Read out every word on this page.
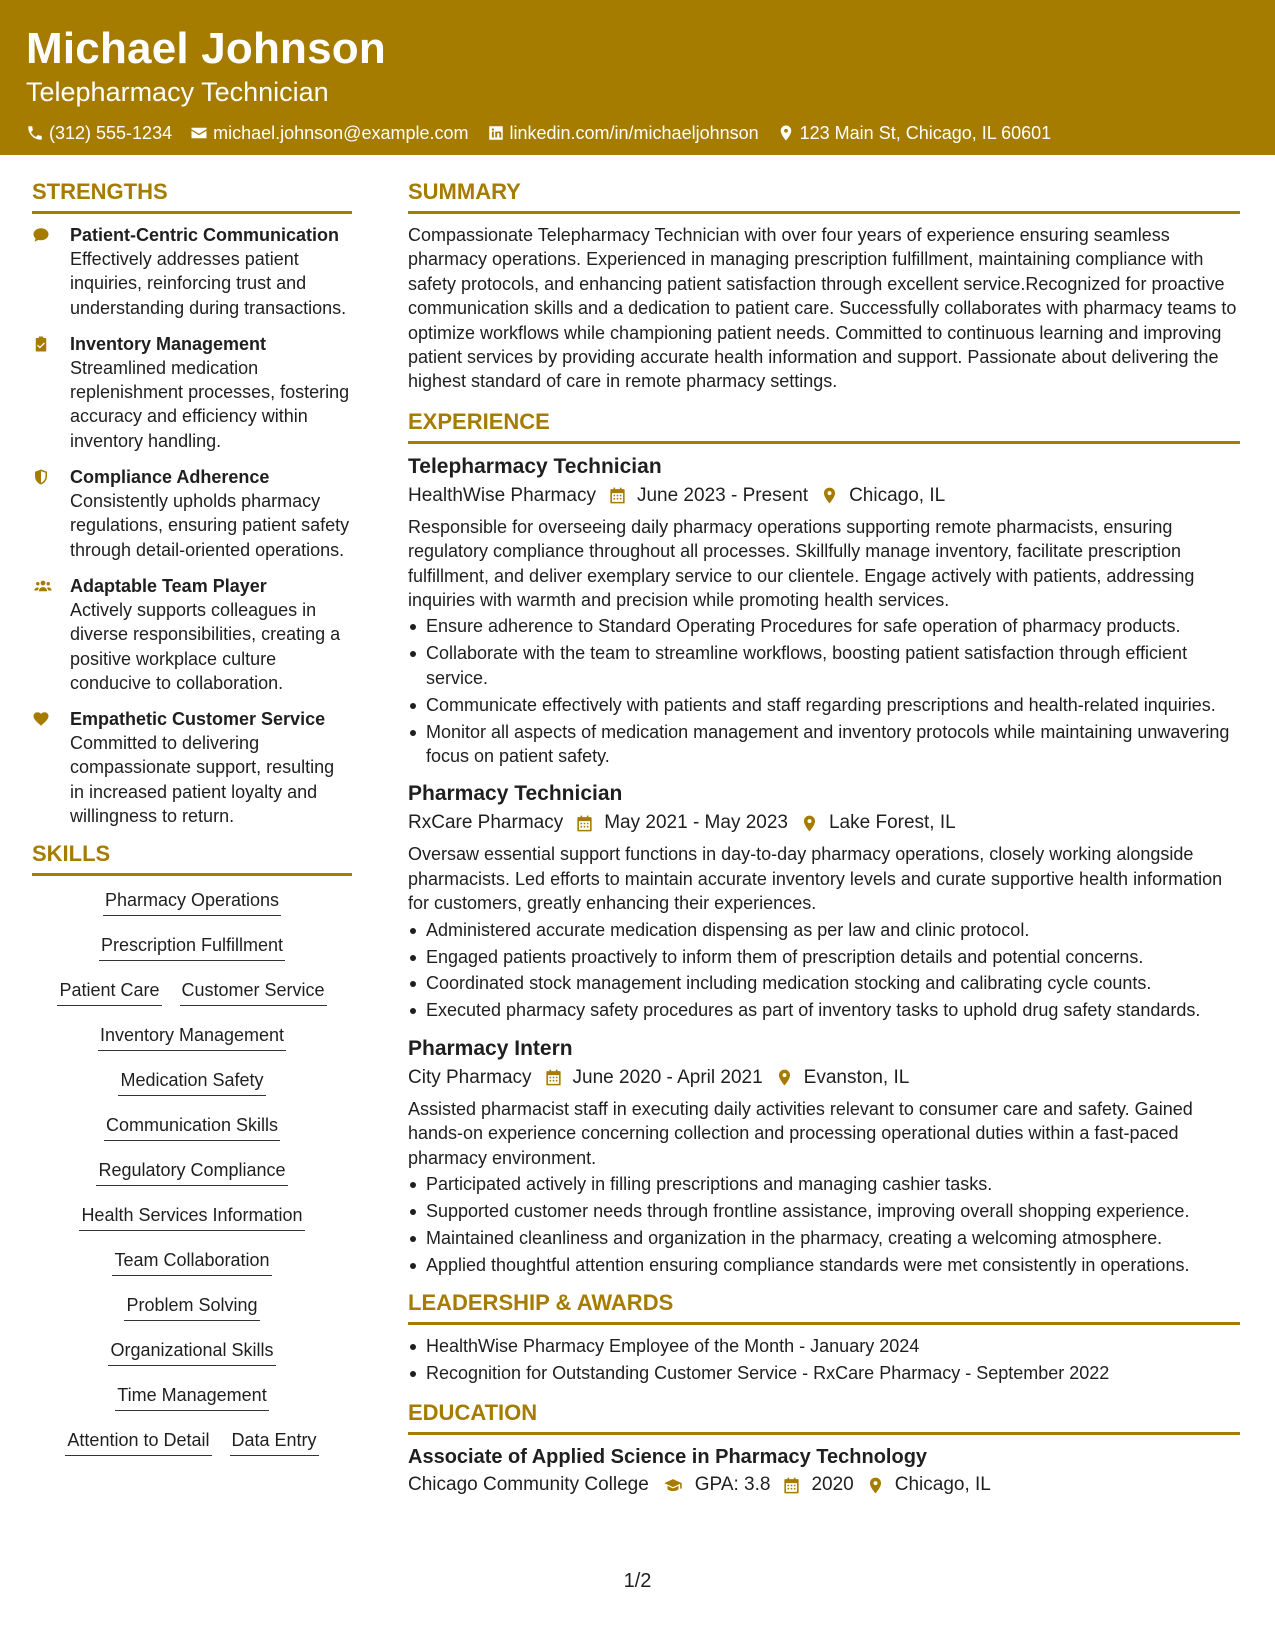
Michael Johnson
Telepharmacy Technician
(312) 555-1234 michael.johnson@example.com linkedin.com/in/michaeljohnson 123 Main St, Chicago, IL 60601
STRENGTHS
Patient-Centric Communication
Effectively addresses patient inquiries, reinforcing trust and understanding during transactions.
Inventory Management
Streamlined medication replenishment processes, fostering accuracy and efficiency within inventory handling.
Compliance Adherence
Consistently upholds pharmacy regulations, ensuring patient safety through detail-oriented operations.
Adaptable Team Player
Actively supports colleagues in diverse responsibilities, creating a positive workplace culture conducive to collaboration.
Empathetic Customer Service
Committed to delivering compassionate support, resulting in increased patient loyalty and willingness to return.
SKILLS
Pharmacy Operations
Prescription Fulfillment
Patient Care Customer Service
Inventory Management
Medication Safety
Communication Skills
Regulatory Compliance
Health Services Information
Team Collaboration
Problem Solving
Organizational Skills
Time Management
Attention to Detail Data Entry
SUMMARY
Compassionate Telepharmacy Technician with over four years of experience ensuring seamless pharmacy operations. Experienced in managing prescription fulfillment, maintaining compliance with safety protocols, and enhancing patient satisfaction through excellent service.Recognized for proactive communication skills and a dedication to patient care. Successfully collaborates with pharmacy teams to optimize workflows while championing patient needs. Committed to continuous learning and improving patient services by providing accurate health information and support. Passionate about delivering the highest standard of care in remote pharmacy settings.
EXPERIENCE
Telepharmacy Technician
HealthWise Pharmacy June 2023 - Present Chicago, IL
Responsible for overseeing daily pharmacy operations supporting remote pharmacists, ensuring regulatory compliance throughout all processes. Skillfully manage inventory, facilitate prescription fulfillment, and deliver exemplary service to our clientele. Engage actively with patients, addressing inquiries with warmth and precision while promoting health services.
Ensure adherence to Standard Operating Procedures for safe operation of pharmacy products.
Collaborate with the team to streamline workflows, boosting patient satisfaction through efficient service.
Communicate effectively with patients and staff regarding prescriptions and health-related inquiries.
Monitor all aspects of medication management and inventory protocols while maintaining unwavering focus on patient safety.
Pharmacy Technician
RxCare Pharmacy May 2021 - May 2023 Lake Forest, IL
Oversaw essential support functions in day-to-day pharmacy operations, closely working alongside pharmacists. Led efforts to maintain accurate inventory levels and curate supportive health information for customers, greatly enhancing their experiences.
Administered accurate medication dispensing as per law and clinic protocol.
Engaged patients proactively to inform them of prescription details and potential concerns.
Coordinated stock management including medication stocking and calibrating cycle counts.
Executed pharmacy safety procedures as part of inventory tasks to uphold drug safety standards.
Pharmacy Intern
City Pharmacy June 2020 - April 2021 Evanston, IL
Assisted pharmacist staff in executing daily activities relevant to consumer care and safety. Gained hands-on experience concerning collection and processing operational duties within a fast-paced pharmacy environment.
Participated actively in filling prescriptions and managing cashier tasks.
Supported customer needs through frontline assistance, improving overall shopping experience.
Maintained cleanliness and organization in the pharmacy, creating a welcoming atmosphere.
Applied thoughtful attention ensuring compliance standards were met consistently in operations.
LEADERSHIP & AWARDS
HealthWise Pharmacy Employee of the Month - January 2024
Recognition for Outstanding Customer Service - RxCare Pharmacy - September 2022
EDUCATION
Associate of Applied Science in Pharmacy Technology
Chicago Community College GPA: 3.8 2020 Chicago, IL
1/2
